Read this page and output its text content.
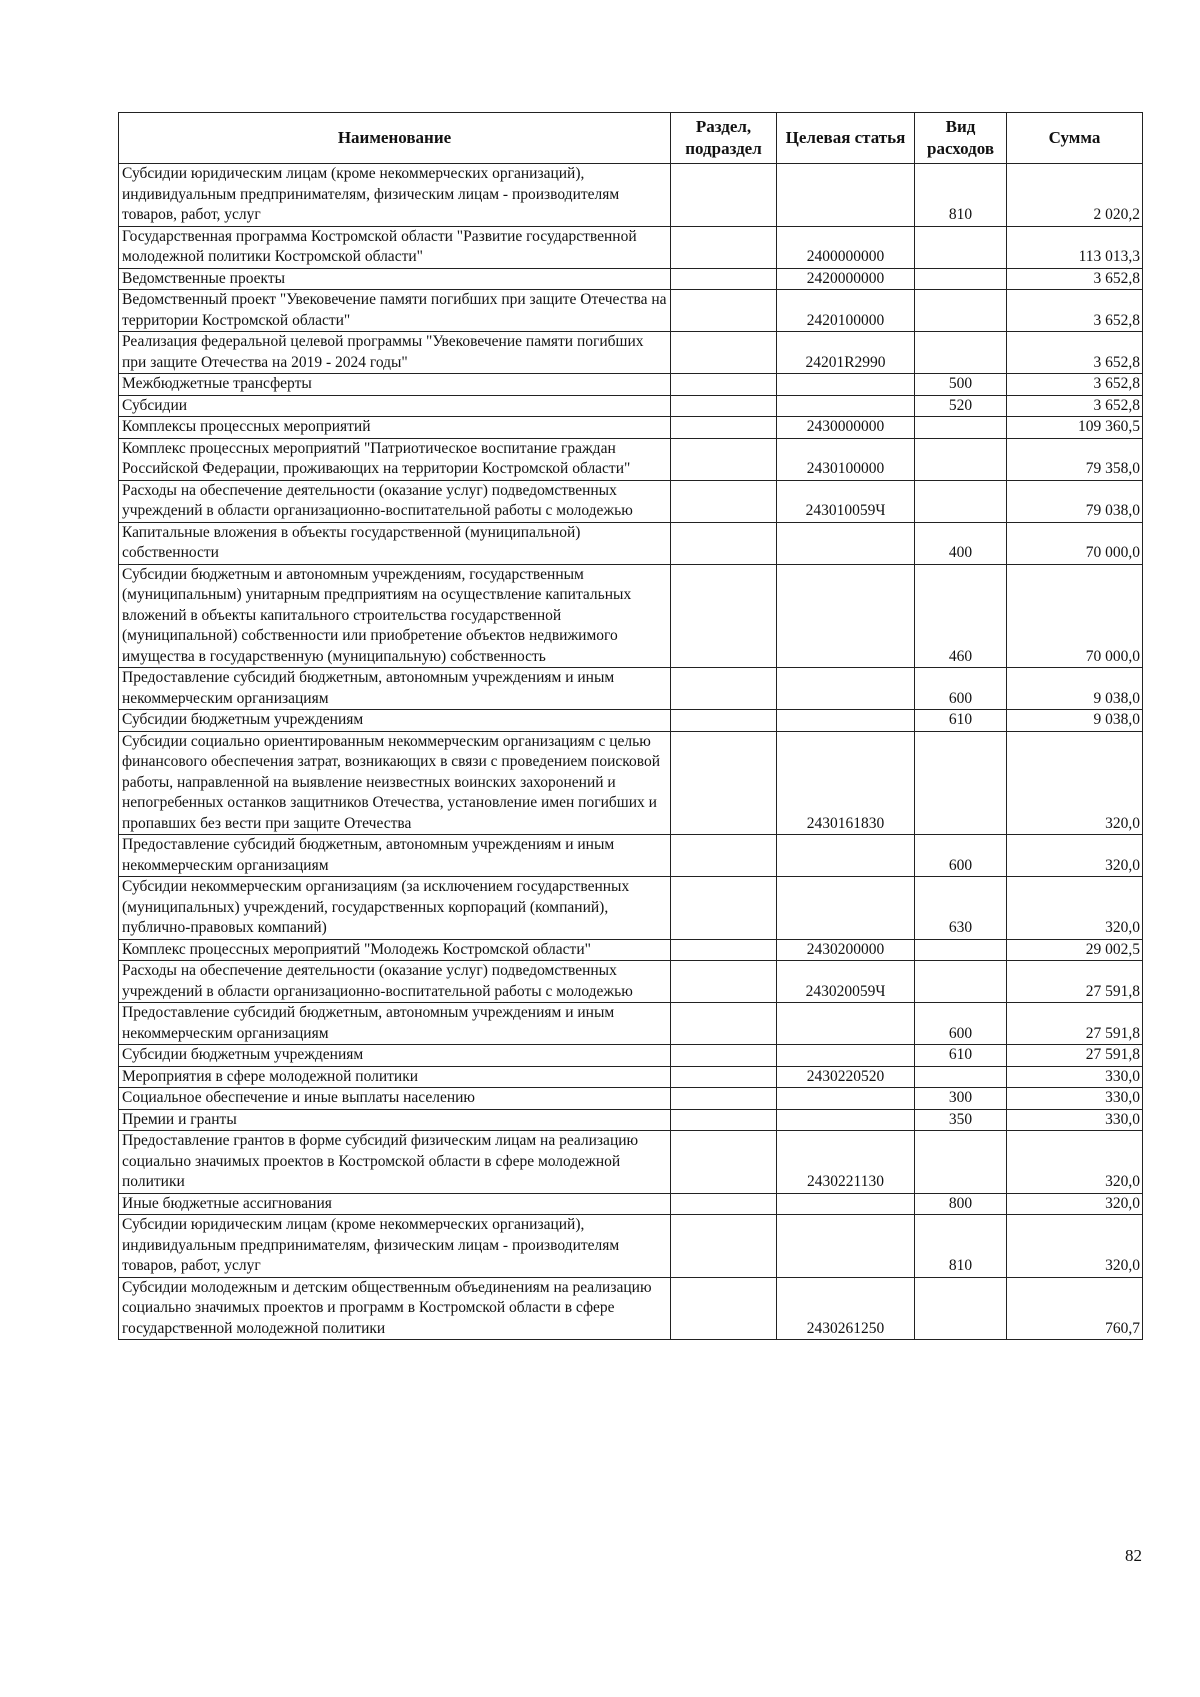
Наименование	Раздел, подраздел	Целевая статья	Вид расходов	Сумма
Субсидии юридическим лицам (кроме некоммерческих организаций), индивидуальным предпринимателям, физическим лицам - производителям товаров, работ, услуг			810	2 020,2
Государственная программа Костромской области "Развитие государственной молодежной политики Костромской области"		2400000000		113 013,3
Ведомственные проекты		2420000000		3 652,8
Ведомственный проект "Увековечение памяти погибших при защите Отечества на территории Костромской области"		2420100000		3 652,8
Реализация федеральной целевой программы "Увековечение памяти погибших при защите Отечества на 2019 - 2024 годы"		24201R2990		3 652,8
Межбюджетные трансферты			500	3 652,8
Субсидии			520	3 652,8
Комплексы процессных мероприятий		2430000000		109 360,5
Комплекс процессных мероприятий "Патриотическое воспитание граждан Российской Федерации, проживающих на территории Костромской области"		2430100000		79 358,0
Расходы на обеспечение деятельности (оказание услуг) подведомственных учреждений в области организационно-воспитательной работы с молодежью		243010059Ч		79 038,0
Капитальные вложения в объекты государственной (муниципальной) собственности			400	70 000,0
Субсидии бюджетным и автономным учреждениям, государственным (муниципальным) унитарным предприятиям на осуществление капитальных вложений в объекты капитального строительства государственной (муниципальной) собственности или приобретение объектов недвижимого имущества в государственную (муниципальную) собственность			460	70 000,0
Предоставление субсидий бюджетным, автономным учреждениям и иным некоммерческим организациям			600	9 038,0
Субсидии бюджетным учреждениям			610	9 038,0
Субсидии социально ориентированным некоммерческим организациям с целью финансового обеспечения затрат, возникающих в связи с проведением поисковой работы, направленной на выявление неизвестных воинских захоронений и непогребенных останков защитников Отечества, установление имен погибших и пропавших без вести при защите Отечества		2430161830		320,0
Предоставление субсидий бюджетным, автономным учреждениям и иным некоммерческим организациям			600	320,0
Субсидии некоммерческим организациям (за исключением государственных (муниципальных) учреждений, государственных корпораций (компаний), публично-правовых компаний)			630	320,0
Комплекс процессных мероприятий "Молодежь Костромской области"		2430200000		29 002,5
Расходы на обеспечение деятельности (оказание услуг) подведомственных учреждений в области организационно-воспитательной работы с молодежью		243020059Ч		27 591,8
Предоставление субсидий бюджетным, автономным учреждениям и иным некоммерческим организациям			600	27 591,8
Субсидии бюджетным учреждениям			610	27 591,8
Мероприятия в сфере молодежной политики		2430220520		330,0
Социальное обеспечение и иные выплаты населению			300	330,0
Премии и гранты			350	330,0
Предоставление грантов в форме субсидий физическим лицам на реализацию социально значимых проектов в Костромской области в сфере молодежной политики		2430221130		320,0
Иные бюджетные ассигнования			800	320,0
Субсидии юридическим лицам (кроме некоммерческих организаций), индивидуальным предпринимателям, физическим лицам - производителям товаров, работ, услуг			810	320,0
Субсидии молодежным и детским общественным объединениям на реализацию социально значимых проектов и программ в Костромской области в сфере государственной молодежной политики		2430261250		760,7
82
